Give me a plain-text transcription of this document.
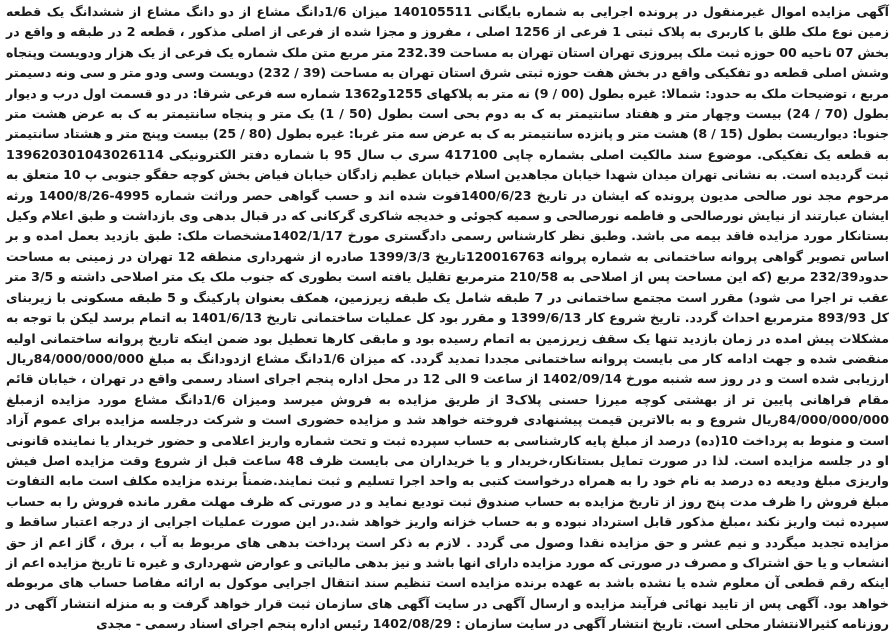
آگهی مزایده اموال غیرمنقول در پرونده اجرایی به شماره بایگانی 140105511 میزان 1/6دانگ مشاع از دو دانگ مشاع از ششدانگ یک قطعه زمین نوع ملک طلق با کاربری به پلاک ثبتی 1 فرعی از 1256 اصلی ، مفروز و مجزا شده از فرعی از اصلی مذکور ، قطعه 2 در طبقه و واقع در بخش 07 ناحیه 00 حوزه ثبت ملک پیروزی تهران استان تهران به مساحت 232.39 متر مربع متن ملک شماره یک فرعی از یک هزار ودویست وپنجاه وشش اصلی قطعه دو تفکیکی واقع در بخش هفت حوزه ثبتی شرق استان تهران به مساحت (39 / 232) دویست وسی ودو متر و سی ونه دسیمتر مربع ، توضیحات ملک به حدود: شمالا: غیره بطول (00 / 9) نه متر به پلاکهای 1255و1362 شماره سه فرعی شرقا: در دو قسمت اول درب و دیوار بطول (70 / 24) بیست وچهار متر و هفتاد سانتیمتر به ک به دوم بحی است بطول (50 / 1) یک متر و پنجاه سانتیمتر به ک به عرض هشت متر جنوبا: دیواریست بطول (15 / 8) هشت متر و پانزده سانتیمتر به ک به عرض سه متر غربا: غیره بطول (80 / 25) بیست وپنج متر و هشتاد سانتیمتر به قطعه یک تفکیکی. موضوع سند مالکیت اصلی بشماره چاپی 417100 سری ب سال 95 با شماره دفتر الکترونیکی 139620301043026114 ثبت گردیده است. به نشانی تهران میدان شهدا خیابان مجاهدین اسلام خیابان عظیم زادگان خیابان فیاض بخش کوچه حقگو جنوبی پ 10 متعلق به مرحوم مجد نور صالحی مدیون پرونده که ایشان در تاریخ 1400/6/23فوت شده اند و حسب گواهی حصر وراثت شماره 4995-1400/8/26 ورثه ایشان عبارتند از نیایش نورصالحی و فاطمه نورصالحی و سمیه کجوئی و خدیجه شاکری گرکانی که در قبال بدهی وی بازداشت و طبق اعلام وکیل بستانکار مورد مزایده فاقد بیمه می باشد. وطبق نظر کارشناس رسمی دادگستری مورخ 1402/1/17مشخصات ملک: طبق بازدید بعمل امده و بر اساس تصویر گواهی پروانه ساختمانی به شماره پروانه 120016763تاریخ 1399/3/3 صادره از شهرداری منطقه 12 تهران در زمینی به مساحت حدود232/39 مربع (که این مساحت پس از اصلاحی به 210/58 مترمربع تقلیل یافته است بطوری که جنوب ملک یک متر اصلاحی داشته و 3/5 متر عقب تر اجرا می شود) مقرر است مجتمع ساختمانی در 7 طبقه شامل یک طبقه زیرزمین، همکف بعنوان پارکینگ و 5 طبقه مسکونی با زیربنای کل 893/93 مترمربع احداث گردد. تاریخ شروع کار 1399/6/13 و مقرر بود کل عملیات ساختمانی تاریخ 1401/6/13 به اتمام برسد لیکن با توجه به مشکلات پیش امده در زمان بازدید تنها یک سقف زیرزمین به اتمام رسیده بود و مابقی کارها تعطیل بود ضمن اینکه تاریخ پروانه ساختمانی اولیه منقضی شده و جهت ادامه کار می بایست پروانه ساختمانی مجددا تمدید گردد. که میزان 1/6دانگ مشاع ازدودانگ به مبلغ 84/000/000/000ریال ارزیابی شده است و در روز سه شنبه مورخ 1402/09/14 از ساعت 9 الی 12 در محل اداره پنجم اجرای اسناد رسمی واقع در تهران ، خیابان قائم مقام فراهانی پایین تر از بهشتی کوچه میرزا حسنی پلاک3 از طریق مزایده به فروش میرسد ومیزان 1/6دانگ مشاع مورد مزایده ازمبلغ 84/000/000/000ریال شروع و به بالاترین قیمت پیشنهادی فروخته خواهد شد و مزایده حضوری است و شرکت درجلسه مزایده برای عموم آزاد است و منوط به پرداخت 10(ده) درصد از مبلغ پایه کارشناسی به حساب سپرده ثبت و تحت شماره واریز اعلامی و حضور خریدار یا نماینده قانونی او در جلسه مزایده است. لذا در صورت تمایل بستانکار،خریدار و یا خریداران می بایست ظرف 48 ساعت قبل از شروع وقت مزایده اصل فیش واریزی مبلغ ودیعه ده درصد به نام خود را به همراه درخواست کتبی به واحد اجرا تسلیم و ثبت نمایند.ضمناً برنده مزایده مکلف است مابه التفاوت مبلغ فروش را ظرف مدت پنج روز از تاریخ مزایده به حساب صندوق ثبت تودیع نماید و در صورتی که ظرف مهلت مقرر مانده فروش را به حساب سپرده ثبت واریز نکند ،مبلغ مذکور قابل استرداد نبوده و به حساب خزانه واریز خواهد شد.در این صورت عملیات اجرایی از درجه اعتبار ساقط و مزایده تجدید میگردد و نیم عشر و حق مزایده نقدا وصول می گردد . لازم به ذکر است پرداخت بدهی های مربوط به آب ، برق ، گاز اعم از حق انشعاب و یا حق اشتراک و مصرف در صورتی که مورد مزایده دارای انها باشد و نیز بدهی مالیاتی و عوارض شهرداری و غیره تا تاریخ مزایده اعم از اینکه رقم قطعی آن معلوم شده یا نشده باشد به عهده برنده مزایده است تنظیم سند انتقال اجرایی موکول به ارائه مفاصا حساب های مربوطه خواهد بود. آگهی پس از تایید نهائی فرآیند مزایده و ارسال آگهی در سایت آگهی های سازمان ثبت قرار خواهد گرفت و به منزله انتشار آگهی در روزنامه کثیرالانتشار محلی است. تاریخ انتشار آگهی در سایت سازمان : 1402/08/29 رئیس اداره پنجم اجرای اسناد رسمی - مجدی
